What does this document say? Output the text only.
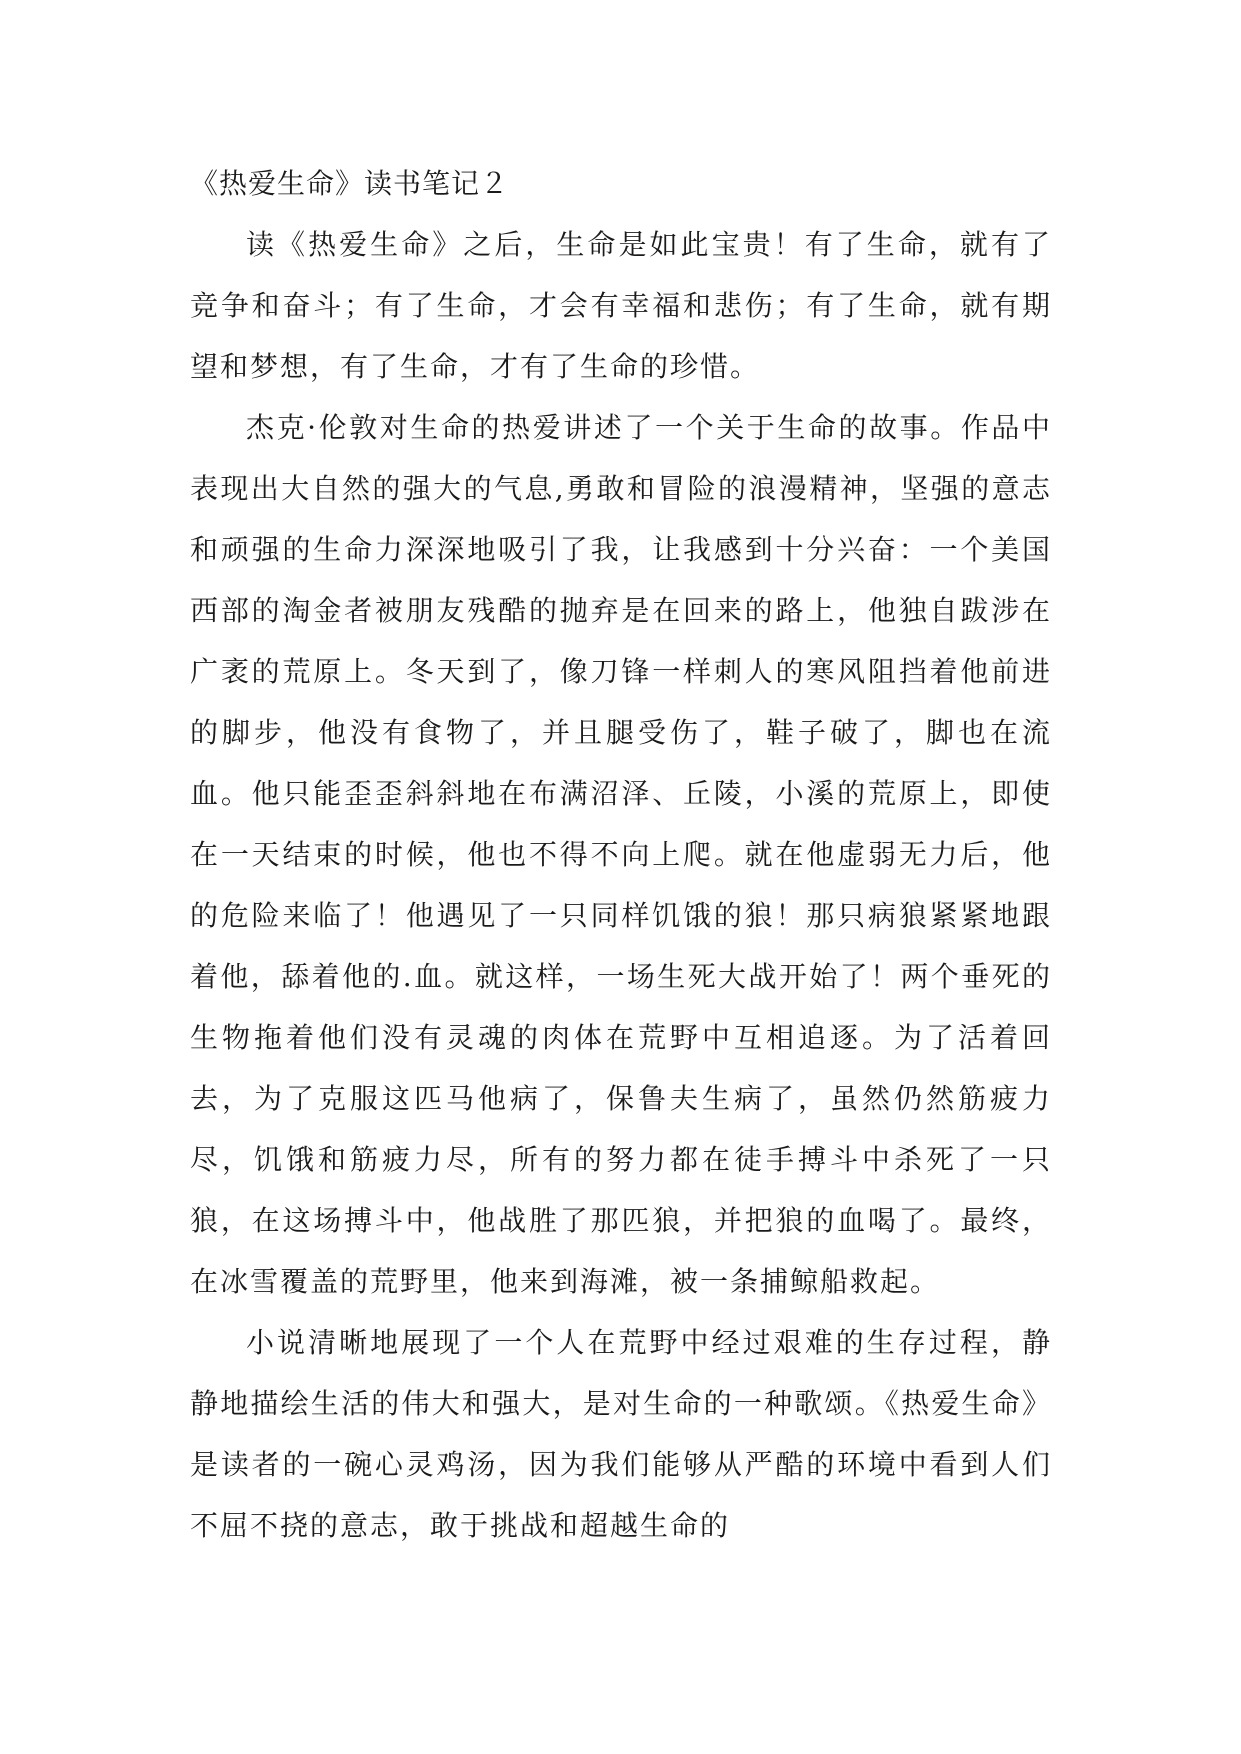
《热爱生命》读书笔记２

读《热爱生命》之后，生命是如此宝贵！有了生命，就有了竞争和奋斗；有了生命，才会有幸福和悲伤；有了生命，就有期望和梦想，有了生命，才有了生命的珍惜。

杰克·伦敦对生命的热爱讲述了一个关于生命的故事。作品中表现出大自然的强大的气息,勇敢和冒险的浪漫精神，坚强的意志和顽强的生命力深深地吸引了我，让我感到十分兴奋：一个美国西部的淘金者被朋友残酷的抛弃是在回来的路上，他独自跋涉在广袤的荒原上。冬天到了，像刀锋一样刺人的寒风阻挡着他前进的脚步，他没有食物了，并且腿受伤了，鞋子破了，脚也在流血。他只能歪歪斜斜地在布满沼泽、丘陵，小溪的荒原上，即使在一天结束的时候，他也不得不向上爬。就在他虚弱无力后，他的危险来临了！他遇见了一只同样饥饿的狼！那只病狼紧紧地跟着他，舔着他的.血。就这样，一场生死大战开始了！两个垂死的生物拖着他们没有灵魂的肉体在荒野中互相追逐。为了活着回去，为了克服这匹马他病了，保鲁夫生病了，虽然仍然筋疲力尽，饥饿和筋疲力尽，所有的努力都在徒手搏斗中杀死了一只狼，在这场搏斗中，他战胜了那匹狼，并把狼的血喝了。最终，在冰雪覆盖的荒野里，他来到海滩，被一条捕鲸船救起。

小说清晰地展现了一个人在荒野中经过艰难的生存过程，静静地描绘生活的伟大和强大，是对生命的一种歌颂。《热爱生命》是读者的一碗心灵鸡汤，因为我们能够从严酷的环境中看到人们不屈不挠的意志，敢于挑战和超越生命的
